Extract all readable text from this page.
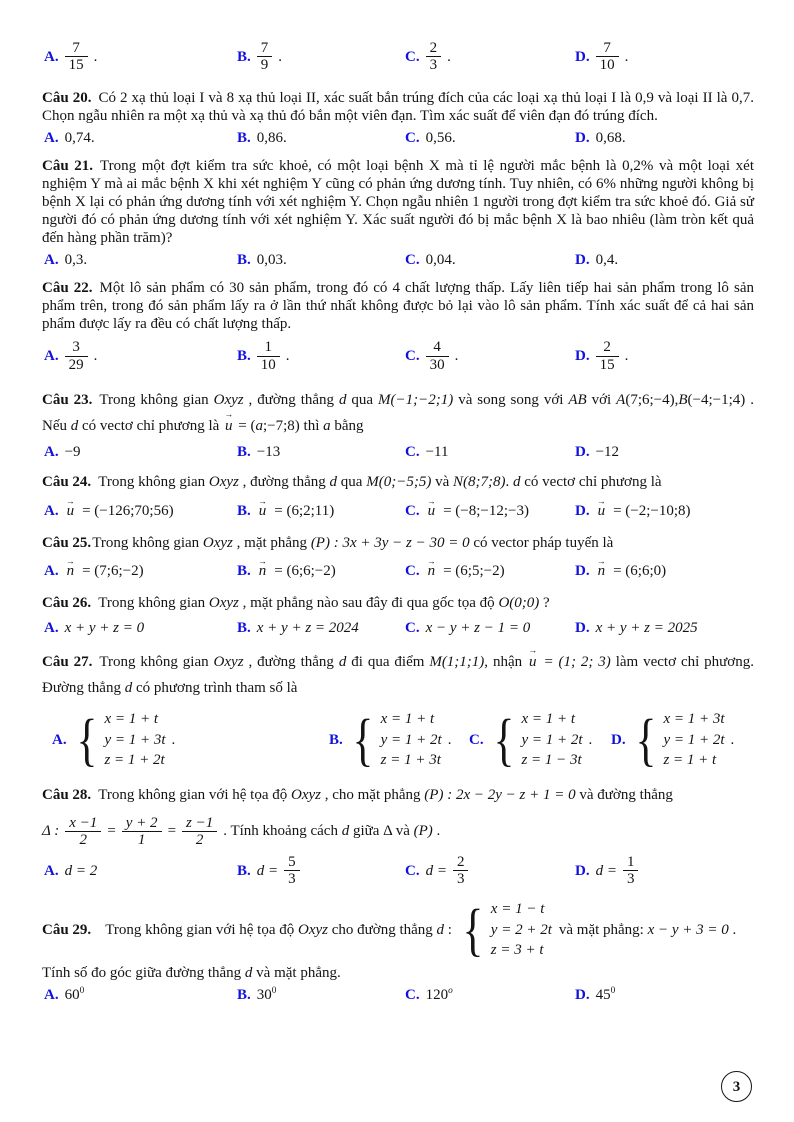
A. $\frac{7}{15}$ .	B. $\frac{7}{9}$ .	C. $\frac{2}{3}$ .	D. $\frac{7}{10}$ .

Câu 20. Có 2 xạ thủ loại I và 8 xạ thủ loại II, xác suất bắn trúng đích của các loại xạ thủ loại I là 0,9 và loại II là 0,7. Chọn ngẫu nhiên ra một xạ thủ và xạ thủ đó bắn một viên đạn. Tìm xác suất để viên đạn đó trúng đích.

A. 0,74.	B. 0,86.	C. 0,56.	D. 0,68.

Câu 21. Trong một đợt kiểm tra sức khoẻ, có một loại bệnh X mà tỉ lệ người mắc bệnh là 0,2% và một loại xét nghiệm Y mà ai mắc bệnh X khi xét nghiệm Y cũng có phản ứng dương tính. Tuy nhiên, có 6% những người không bị bệnh X lại có phản ứng dương tính với xét nghiệm Y. Chọn ngẫu nhiên 1 người trong đợt kiểm tra sức khoẻ đó. Giả sử người đó có phản ứng dương tính với xét nghiệm Y. Xác suất người đó bị mắc bệnh X là bao nhiêu (làm tròn kết quả đến hàng phần trăm)?

A. 0,3.	B. 0,03.	C. 0,04.	D. 0,4.

Câu 22. Một lô sản phẩm có 30 sản phẩm, trong đó có 4 chất lượng thấp. Lấy liên tiếp hai sản phẩm trong lô sản phẩm trên, trong đó sản phẩm lấy ra ở lần thứ nhất không được bỏ lại vào lô sản phẩm. Tính xác suất để cả hai sản phẩm được lấy ra đều có chất lượng thấp.

A. $\frac{3}{29}$ .	B. $\frac{1}{10}$ .	C. $\frac{4}{30}$ .	D. $\frac{2}{15}$ .

Câu 23. Trong không gian Oxyz , đường thẳng d qua M(−1;−2;1) và song song với AB với A(7;6;−4),B(−4;−1;4) . Nếu d có vectơ chỉ phương là u → = (a;−7;8) thì a bằng

A. −9	B. −13	C. −11	D. −12

Câu 24. Trong không gian Oxyz , đường thẳng d qua M(0;−5;5) và N(8;7;8). d có vectơ chỉ phương là

A. u → = (−126;70;56)	B. u → = (6;2;11)	C. u → = (−8;−12;−3)	D. u → = (−2;−10;8)

Câu 25.Trong không gian Oxyz , mặt phẳng (P) : 3x + 3y − z − 30 = 0 có vector pháp tuyến là

A. n → = (7;6;−2)	B. n → = (6;6;−2)	C. n → = (6;5;−2)	D. n → = (6;6;0)

Câu 26. Trong không gian Oxyz , mặt phẳng nào sau đây đi qua gốc tọa độ O(0;0) ?

A. x + y + z = 0	B. x + y + z = 2024	C. x − y + z − 1 = 0	D. x + y + z = 2025

Câu 27. Trong không gian Oxyz , đường thẳng d đi qua điểm M(1;1;1), nhận u → = (1; 2; 3) làm vectơ chỉ phương. Đường thẳng d có phương trình tham số là

A.
{ x = 1 + t
y = 1 + 3t
z = 1 + 2t
.	B.
{ x = 1 + t
y = 1 + 2t
z = 1 + 3t
. C.
{ x = 1 + t
y = 1 + 2t
z = 1 − 3t
. D.
{ x = 1 + 3t
y = 1 + 2t
z = 1 + t
.

Câu 28. Trong không gian với hệ tọa độ Oxyz , cho mặt phẳng (P) : 2x − 2y − z + 1 = 0 và đường thẳng

Δ : $\frac{x -1}{2} = \frac{y + 2}{1} = \frac{z -1}{2}$ . Tính khoảng cách d giữa Δ và (P) .
A. d = 2	B. $d = \frac{5}{3}$	C. $d = \frac{2}{3}$	D. $d = \frac{1}{3}$
Câu 29. Trong không gian với hệ tọa độ Oxyz cho đường thẳng d :
{ x = 1 − t
y = 2 + 2t
z = 3 + t
và mặt phẳng: x − y + 3 = 0 .

Tính số đo góc giữa đường thẳng d và mặt phẳng.

A. $60^0$	B. $30^0$	C. 120$^o$	D. $45^0$
3
